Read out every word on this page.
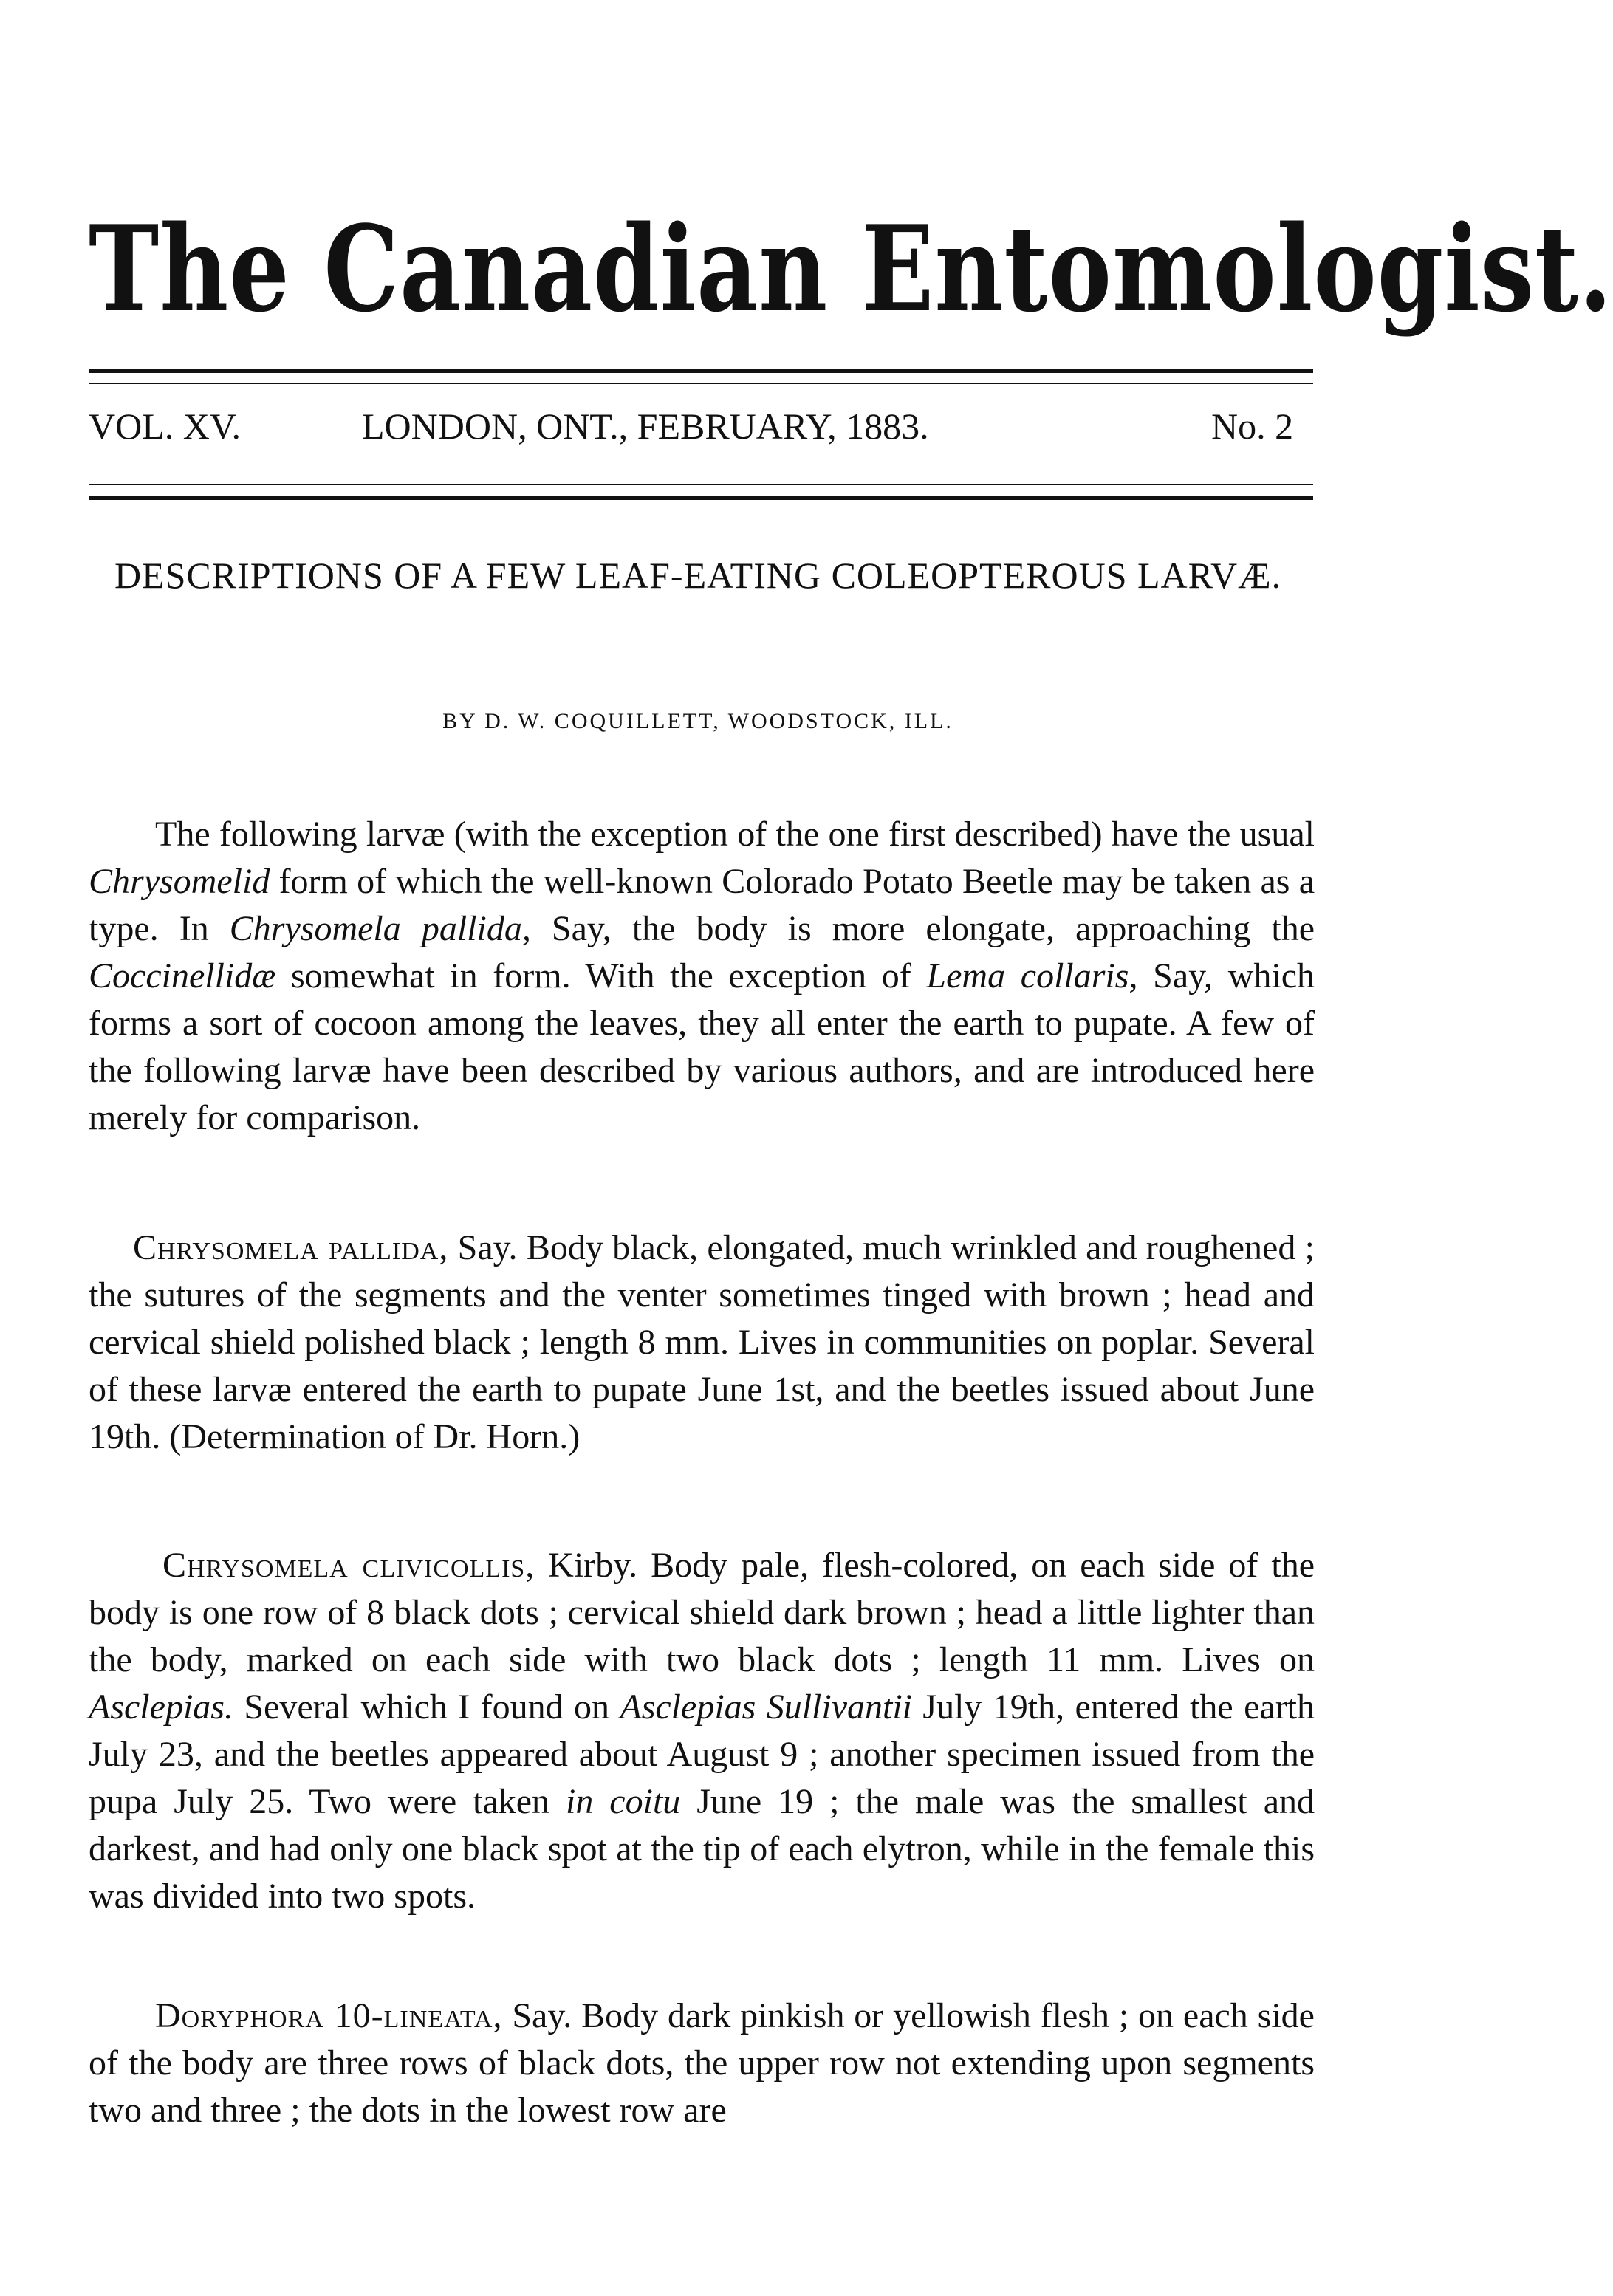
The Canadian Entomologist.
VOL. XV.	LONDON, ONT., FEBRUARY, 1883.	No. 2
DESCRIPTIONS OF A FEW LEAF-EATING COLEOPTEROUS LARVÆ.
BY D. W. COQUILLETT, WOODSTOCK, ILL.

The following larvæ (with the exception of the one first described) have the usual Chrysomelid form of which the well-known Colorado Potato Beetle may be taken as a type. In Chrysomela pallida, Say, the body is more elongate, approaching the Coccinellidæ somewhat in form. With the exception of Lema collaris, Say, which forms a sort of cocoon among the leaves, they all enter the earth to pupate. A few of the following larvæ have been described by various authors, and are introduced here merely for comparison.

Chrysomela pallida, Say. Body black, elongated, much wrinkled and roughened ; the sutures of the segments and the venter sometimes tinged with brown ; head and cervical shield polished black ; length 8 mm. Lives in communities on poplar. Several of these larvæ entered the earth to pupate June 1st, and the beetles issued about June 19th. (Determination of Dr. Horn.)

Chrysomela clivicollis, Kirby. Body pale, flesh-colored, on each side of the body is one row of 8 black dots ; cervical shield dark brown ; head a little lighter than the body, marked on each side with two black dots ; length 11 mm. Lives on Asclepias. Several which I found on Asclepias Sullivantii July 19th, entered the earth July 23, and the beetles appeared about August 9 ; another specimen issued from the pupa July 25. Two were taken in coitu June 19 ; the male was the smallest and darkest, and had only one black spot at the tip of each elytron, while in the female this was divided into two spots.

Doryphora 10-lineata, Say. Body dark pinkish or yellowish flesh ; on each side of the body are three rows of black dots, the upper row not extending upon segments two and three ; the dots in the lowest row are
